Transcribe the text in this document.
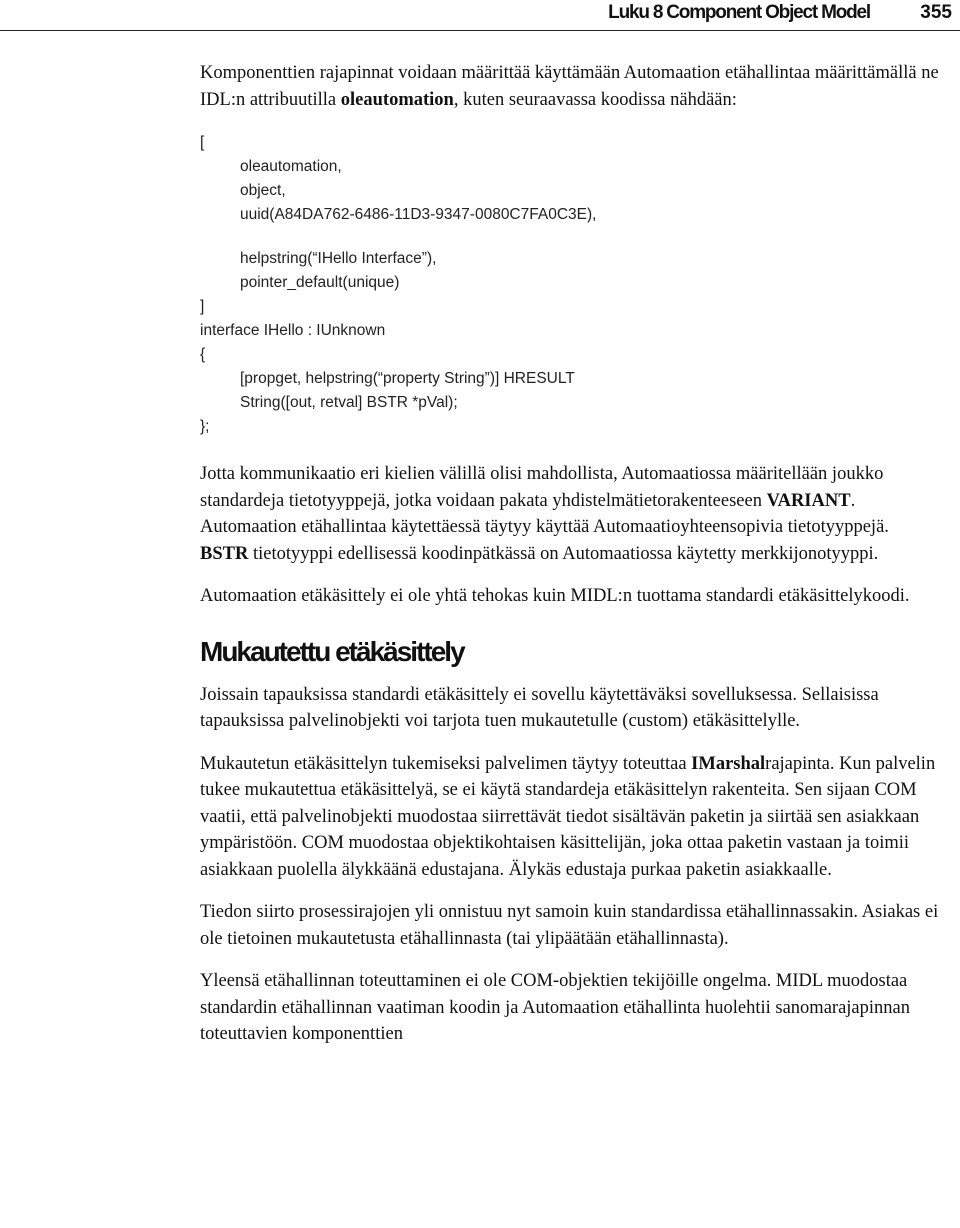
Luku 8 Component Object Model	355

Komponenttien rajapinnat voidaan määrittää käyttämään Automaation etähallintaa määrittämällä ne IDL:n attribuutilla oleautomation, kuten seuraavassa koodissa nähdään:

[
oleautomation,
object,
uuid(A84DA762-6486-11D3-9347-0080C7FA0C3E),
helpstring(“IHello Interface”),
pointer_default(unique)
]
interface IHello : IUnknown
{
[propget, helpstring(“property String”)] HRESULT
String([out, retval] BSTR *pVal);
};

Jotta kommunikaatio eri kielien välillä olisi mahdollista, Automaatiossa määritellään joukko standardeja tietotyyppejä, jotka voidaan pakata yhdistelmätietorakenteeseen VARIANT. Automaation etähallintaa käytettäessä täytyy käyttää Automaatioyhteensopivia tietotyyppejä. BSTR tietotyyppi edellisessä koodinpätkässä on Automaatiossa käytetty merkkijonotyyppi.

Automaation etäkäsittely ei ole yhtä tehokas kuin MIDL:n tuottama standardi etäkäsittelykoodi.

Mukautettu etäkäsittely

Joissain tapauksissa standardi etäkäsittely ei sovellu käytettäväksi sovelluksessa. Sellaisissa tapauksissa palvelinobjekti voi tarjota tuen mukautetulle (custom) etäkäsittelylle.

Mukautetun etäkäsittelyn tukemiseksi palvelimen täytyy toteuttaa IMarshalrajapinta. Kun palvelin tukee mukautettua etäkäsittelyä, se ei käytä standardeja etäkäsittelyn rakenteita. Sen sijaan COM vaatii, että palvelinobjekti muodostaa siirrettävät tiedot sisältävän paketin ja siirtää sen asiakkaan ympäristöön. COM muodostaa objektikohtaisen käsittelijän, joka ottaa paketin vastaan ja toimii asiakkaan puolella älykkäänä edustajana. Älykäs edustaja purkaa paketin asiakkaalle.

Tiedon siirto prosessirajojen yli onnistuu nyt samoin kuin standardissa etähallinnassakin. Asiakas ei ole tietoinen mukautetusta etähallinnasta (tai ylipäätään etähallinnasta).

Yleensä etähallinnan toteuttaminen ei ole COM-objektien tekijöille ongelma. MIDL muodostaa standardin etähallinnan vaatiman koodin ja Automaation etähallinta huolehtii sanomarajapinnan toteuttavien komponenttien
